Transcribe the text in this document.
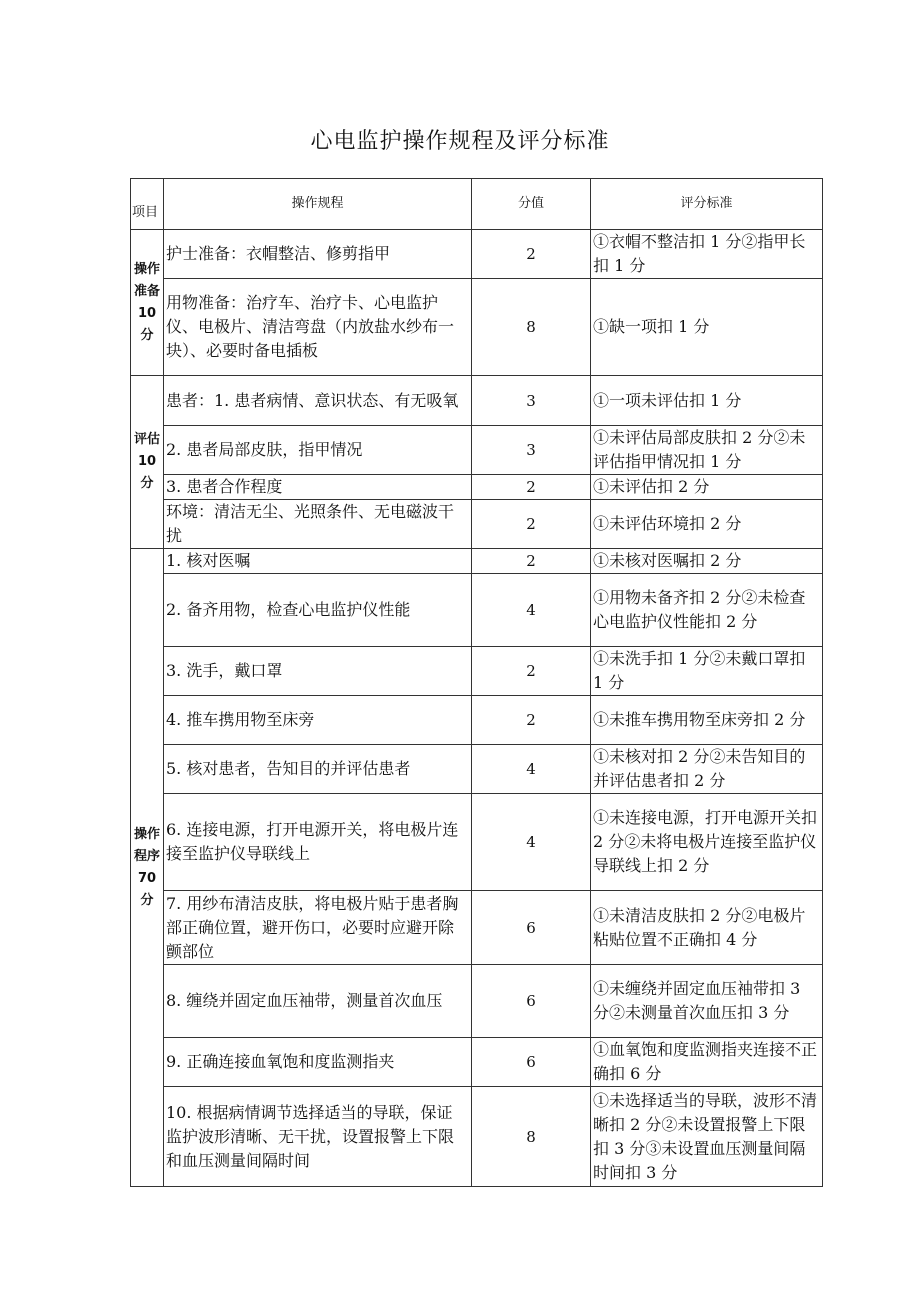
心电监护操作规程及评分标准
项目	操作规程	分值	评分标准
操作准备10分	护士准备：衣帽整洁、修剪指甲	2	①衣帽不整洁扣 1 分②指甲长扣 1 分
	用物准备：治疗车、治疗卡、心电监护仪、电极片、清洁弯盘（内放盐水纱布一块）、必要时备电插板	8	①缺一项扣 1 分
评估10分	患者：1. 患者病情、意识状态、有无吸氧	3	①一项未评估扣 1 分
	2. 患者局部皮肤，指甲情况	3	①未评估局部皮肤扣 2 分②未评估指甲情况扣 1 分
	3. 患者合作程度	2	①未评估扣 2 分
	环境：清洁无尘、光照条件、无电磁波干扰	2	①未评估环境扣 2 分
操作程序70分	1. 核对医嘱	2	①未核对医嘱扣 2 分
	2. 备齐用物，检查心电监护仪性能	4	①用物未备齐扣 2 分②未检查心电监护仪性能扣 2 分
	3. 洗手，戴口罩	2	①未洗手扣 1 分②未戴口罩扣 1 分
	4. 推车携用物至床旁	2	①未推车携用物至床旁扣 2 分
	5. 核对患者，告知目的并评估患者	4	①未核对扣 2 分②未告知目的并评估患者扣 2 分
	6. 连接电源，打开电源开关，将电极片连接至监护仪导联线上	4	①未连接电源，打开电源开关扣 2 分②未将电极片连接至监护仪导联线上扣 2 分
	7. 用纱布清洁皮肤，将电极片贴于患者胸部正确位置，避开伤口，必要时应避开除颤部位	6	①未清洁皮肤扣 2 分②电极片粘贴位置不正确扣 4 分
	8. 缠绕并固定血压袖带，测量首次血压	6	①未缠绕并固定血压袖带扣 3 分②未测量首次血压扣 3 分
	9. 正确连接血氧饱和度监测指夹	6	①血氧饱和度监测指夹连接不正确扣 6 分
	10. 根据病情调节选择适当的导联，保证监护波形清晰、无干扰，设置报警上下限和血压测量间隔时间	8	①未选择适当的导联，波形不清晰扣 2 分②未设置报警上下限扣 3 分③未设置血压测量间隔时间扣 3 分
